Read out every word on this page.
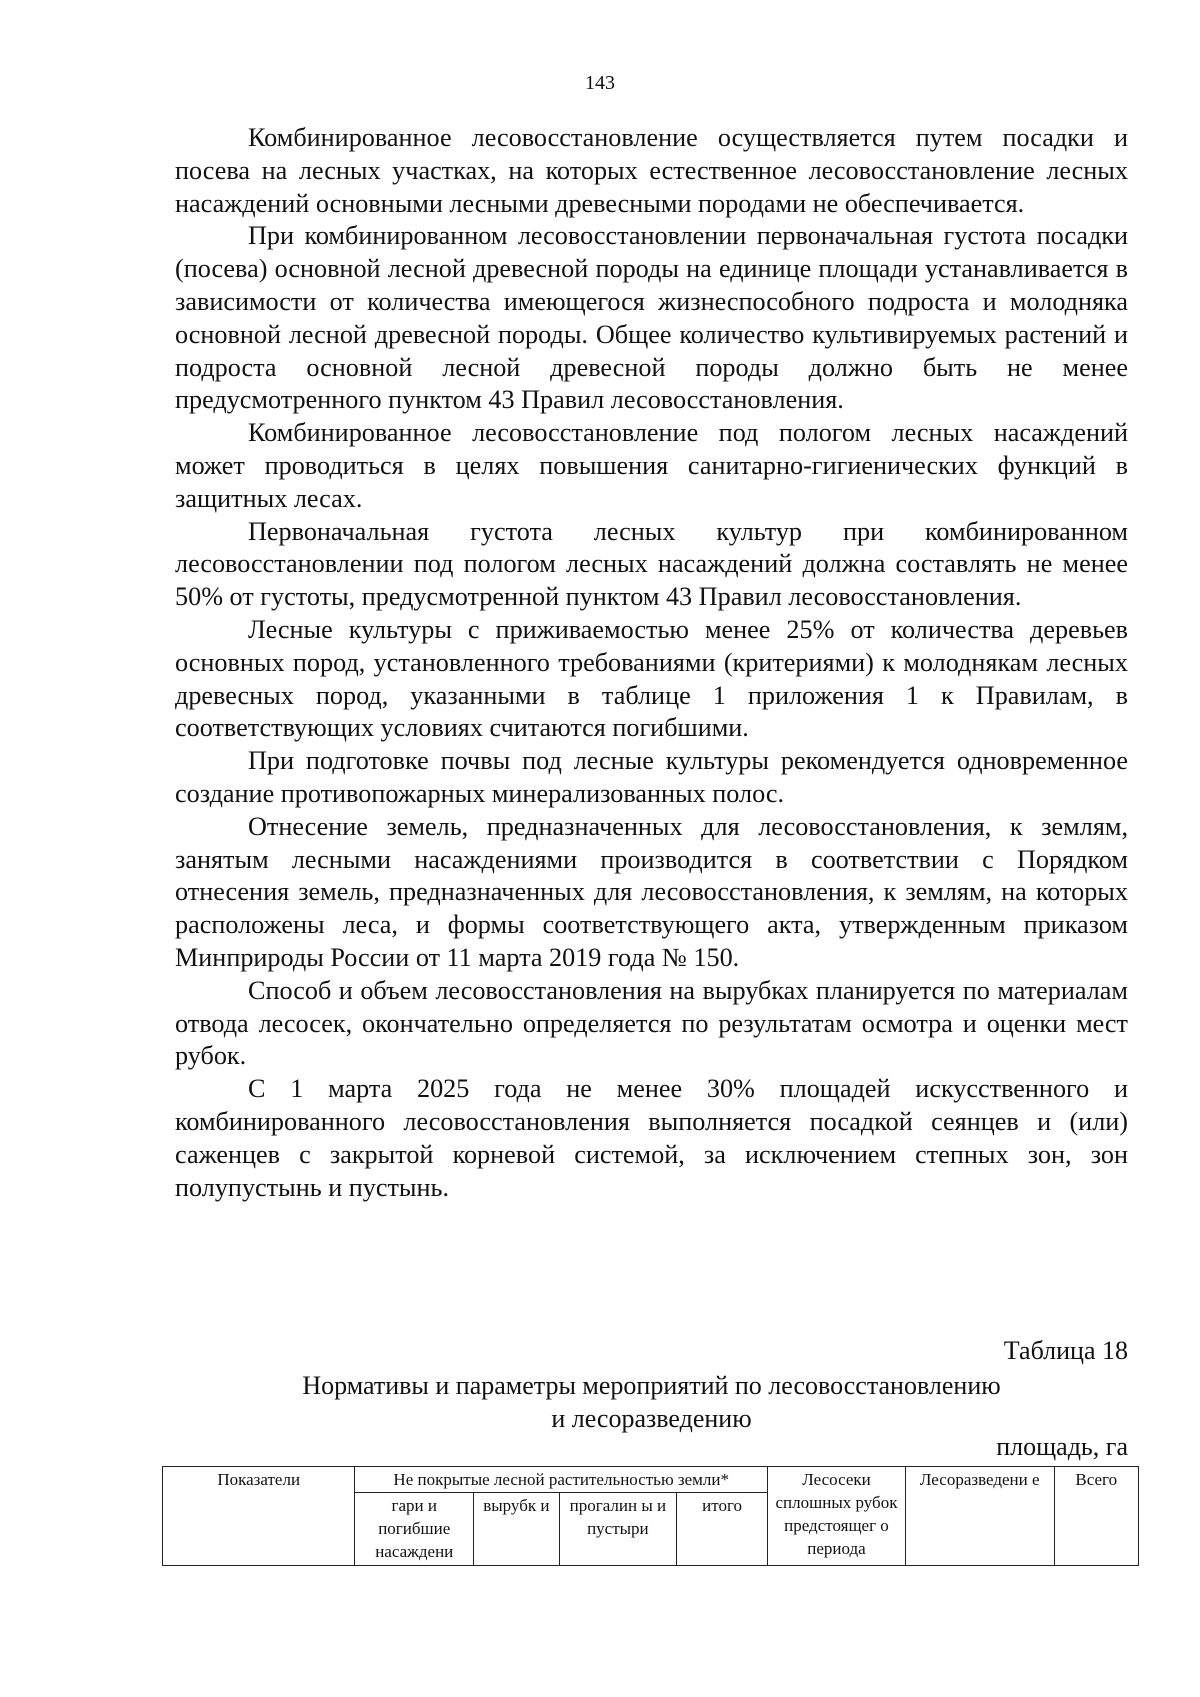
143

Комбинированное лесовосстановление осуществляется путем посадки и посева на лесных участках, на которых естественное лесовосстановление лесных насаждений основными лесными древесными породами не обеспечивается.

При комбинированном лесовосстановлении первоначальная густота посадки (посева) основной лесной древесной породы на единице площади устанавливается в зависимости от количества имеющегося жизнеспособного подроста и молодняка основной лесной древесной породы. Общее количество культивируемых растений и подроста основной лесной древесной породы должно быть не менее предусмотренного пунктом 43 Правил лесовосстановления.

Комбинированное лесовосстановление под пологом лесных насаждений может проводиться в целях повышения санитарно-гигиенических функций в защитных лесах.

Первоначальная густота лесных культур при комбинированном лесовосстановлении под пологом лесных насаждений должна составлять не менее 50% от густоты, предусмотренной пунктом 43 Правил лесовосстановления.

Лесные культуры с приживаемостью менее 25% от количества деревьев основных пород, установленного требованиями (критериями) к молоднякам лесных древесных пород, указанными в таблице 1 приложения 1 к Правилам, в соответствующих условиях считаются погибшими.

При подготовке почвы под лесные культуры рекомендуется одновременное создание противопожарных минерализованных полос.

Отнесение земель, предназначенных для лесовосстановления, к землям, занятым лесными насаждениями производится в соответствии с Порядком отнесения земель, предназначенных для лесовосстановления, к землям, на которых расположены леса, и формы соответствующего акта, утвержденным приказом Минприроды России от 11 марта 2019 года № 150.

Способ и объем лесовосстановления на вырубках планируется по материалам отвода лесосек, окончательно определяется по результатам осмотра и оценки мест рубок.

С 1 марта 2025 года не менее 30% площадей искусственного и комбинированного лесовосстановления выполняется посадкой сеянцев и (или) саженцев с закрытой корневой системой, за исключением степных зон, зон полупустынь и пустынь.

Таблица 18
Нормативы и параметры мероприятий по лесовосстановлению
и лесоразведению
площадь, га
Показатели	Не покрытые лесной растительностью земли*				Лесосеки сплошных рубок предстоящег о периода	Лесоразведени е	Всего
	гари и погибшие насаждени	вырубк и	прогалин ы и пустыри	итого			
